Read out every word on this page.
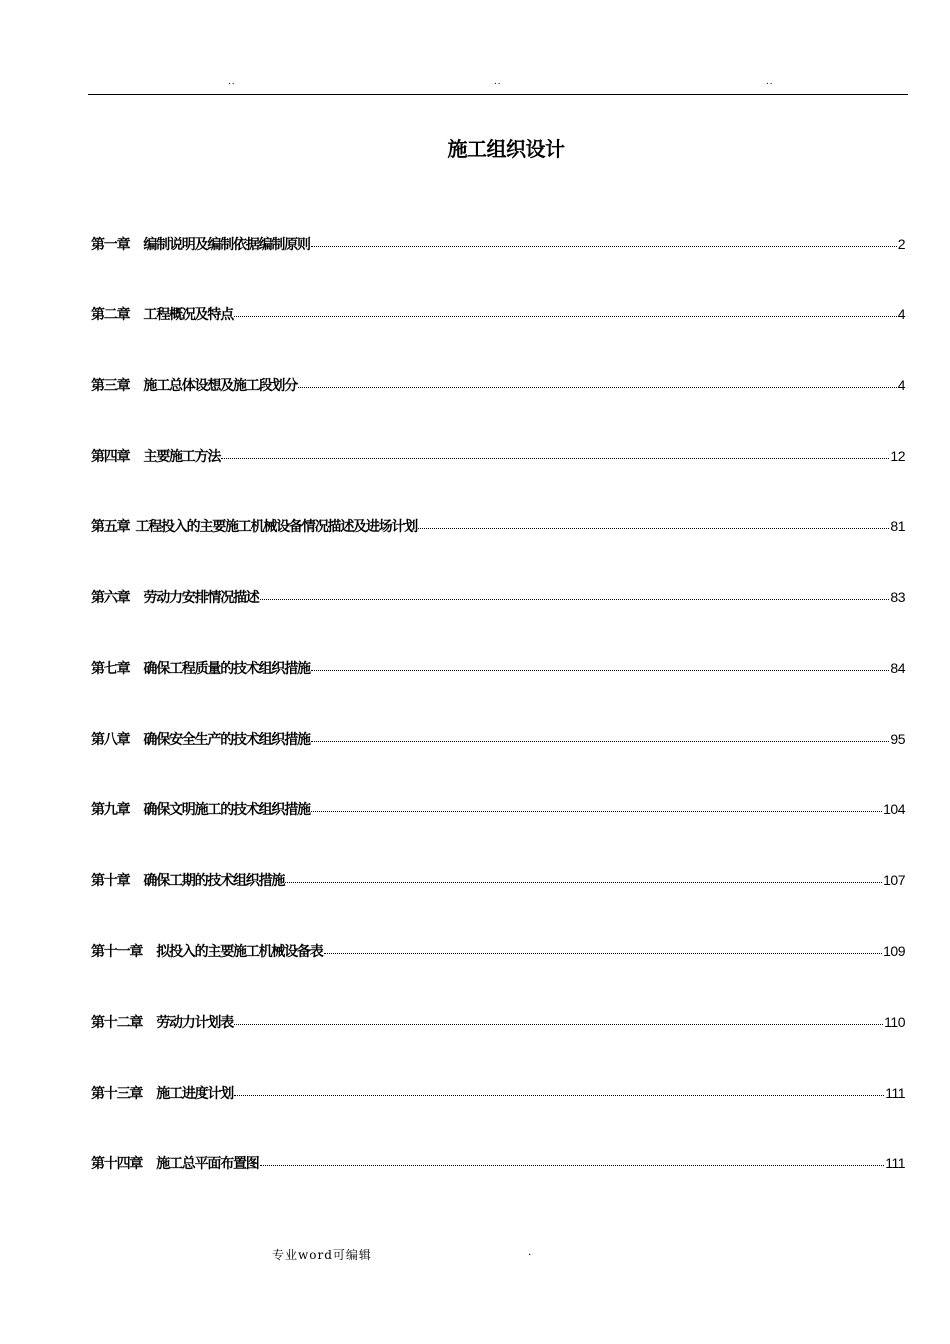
..	..	..
施工组织设计
第一章 编制说明及编制依据编制原则	2
第二章 工程概况及特点	4
第三章 施工总体设想及施工段划分	4
第四章 主要施工方法	12
第五章 工程投入的主要施工机械设备情况描述及进场计划	81
第六章 劳动力安排情况描述	83
第七章 确保工程质量的技术组织措施	84
第八章 确保安全生产的技术组织措施	95
第九章 确保文明施工的技术组织措施	104
第十章 确保工期的技术组织措施	107
第十一章 拟投入的主要施工机械设备表	109
第十二章 劳动力计划表	110
第十三章 施工进度计划	111
第十四章 施工总平面布置图	111
专业word可编辑	.
